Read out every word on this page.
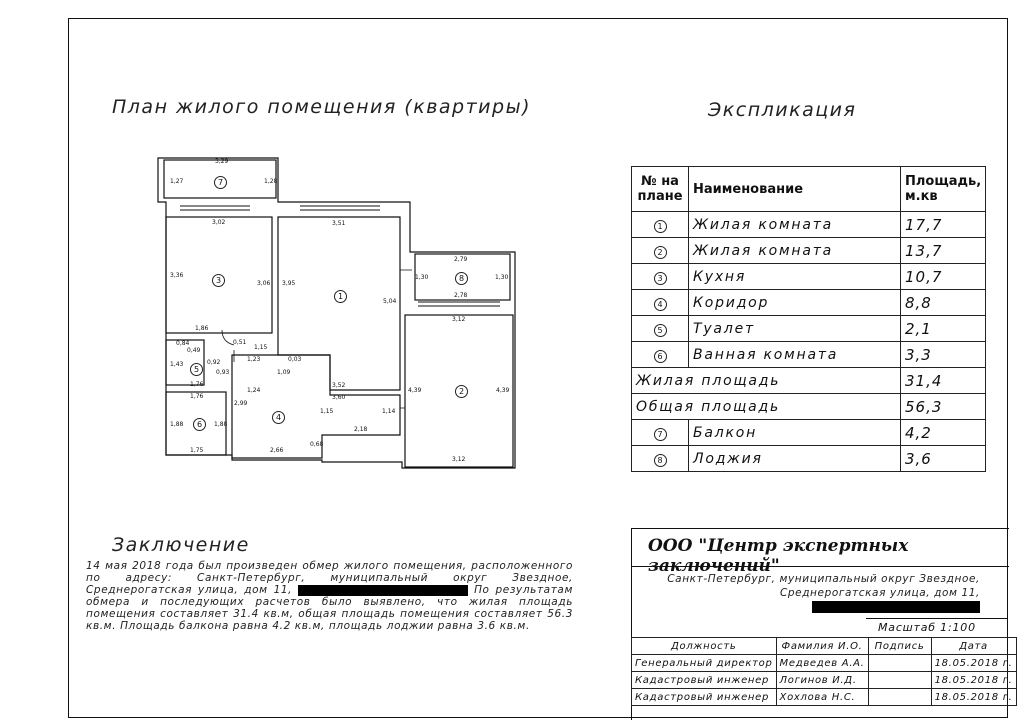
План жилого помещения (квартиры)	Экспликация
Заключение
3,29
1,27	1,28
7
3,02
3,36
3,06
1,86
3
3,51
3,95
5,04
3,52
1
2,79
2,78
1,30	1,30
8
3,12
3,12
4,39	4,39
2
0,84
0,49
0,51
1,15
1,43	0,92
0,93
1,76
5
1,23	0,03
1,09
1,24
3,60
2,99
1,15	1,14
0,68
2,18
2,66
4
1,76
1,88	1,88
1,75
6
№ на плане	Наименование	Площадь, м.кв
1	Жилая комната	17,7
2	Жилая комната	13,7
3	Кухня	10,7
4	Коридор	8,8
5	Туалет	2,1
6	Ванная комната	3,3
Жилая площадь		31,4
Общая площадь		56,3
7	Балкон	4,2
8	Лоджия	3,6
14 мая 2018 года был произведен обмер жилого помещения, расположенного по адресу: Санкт-Петербург, муниципальный округ Звездное, Среднерогатская улица, дом 11,	По результатам обмера и последующих расчетов было выявлено, что жилая площадь помещения составляет 31.4 кв.м, общая площадь помещения составляет 56.3 кв.м. Площадь балкона равна 4.2 кв.м, площадь лоджии равна 3.6 кв.м.
ООО "Центр экспертных заключений"
Санкт-Петербург, муниципальный округ Звездное, Среднерогатская улица, дом 11,
Масштаб 1:100
Должность	Фамилия И.О.	Подпись	Дата
Генеральный директор	Медведев А.А.		18.05.2018 г.
Кадастровый инженер	Логинов И.Д.		18.05.2018 г.
Кадастровый инженер	Хохлова Н.С.		18.05.2018 г.
